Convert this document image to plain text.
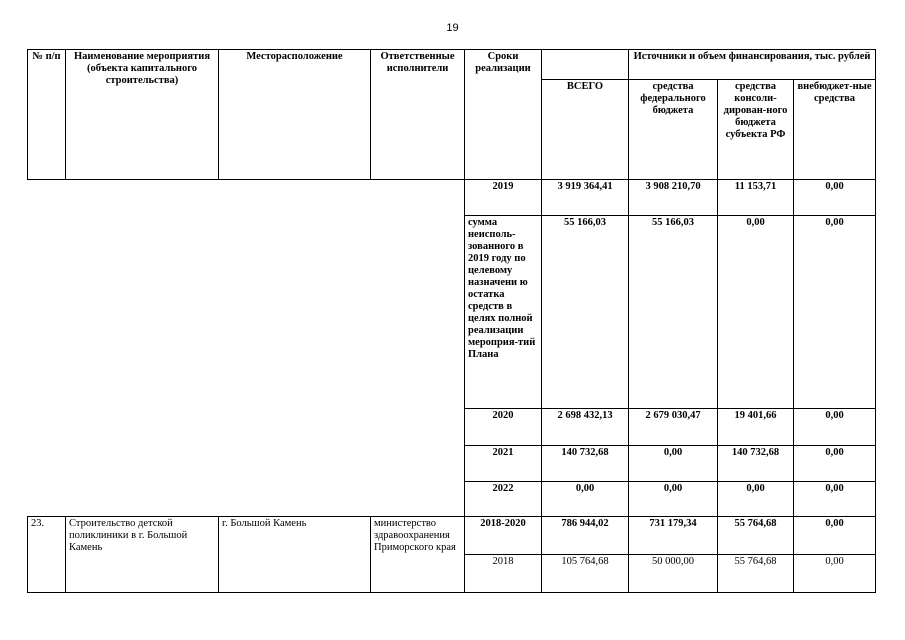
19
№ п/п	Наименование мероприятия (объекта капитального строительства)	Месторасположение	Ответственные исполнители	Сроки реализации		Источники и объем финансирования, тыс. рублей		
					ВСЕГО	средства федерального бюджета	средства консоли-дирован-ного бюджета субъекта РФ	внебюджет-ные средства
				2019	3 919 364,41	3 908 210,70	11 153,71	0,00
				сумма неисполь-зованного в 2019 году по целевому назначени ю остатка средств в целях полной реализации мероприя-тий Плана	55 166,03	55 166,03	0,00	0,00
				2020	2 698 432,13	2 679 030,47	19 401,66	0,00
				2021	140 732,68	0,00	140 732,68	0,00
				2022	0,00	0,00	0,00	0,00
23.	Строительство детской поликлиники в г. Большой Камень	г. Большой Камень	министерство здравоохранения Приморского края	2018-2020	786 944,02	731 179,34	55 764,68	0,00
				2018	105 764,68	50 000,00	55 764,68	0,00
